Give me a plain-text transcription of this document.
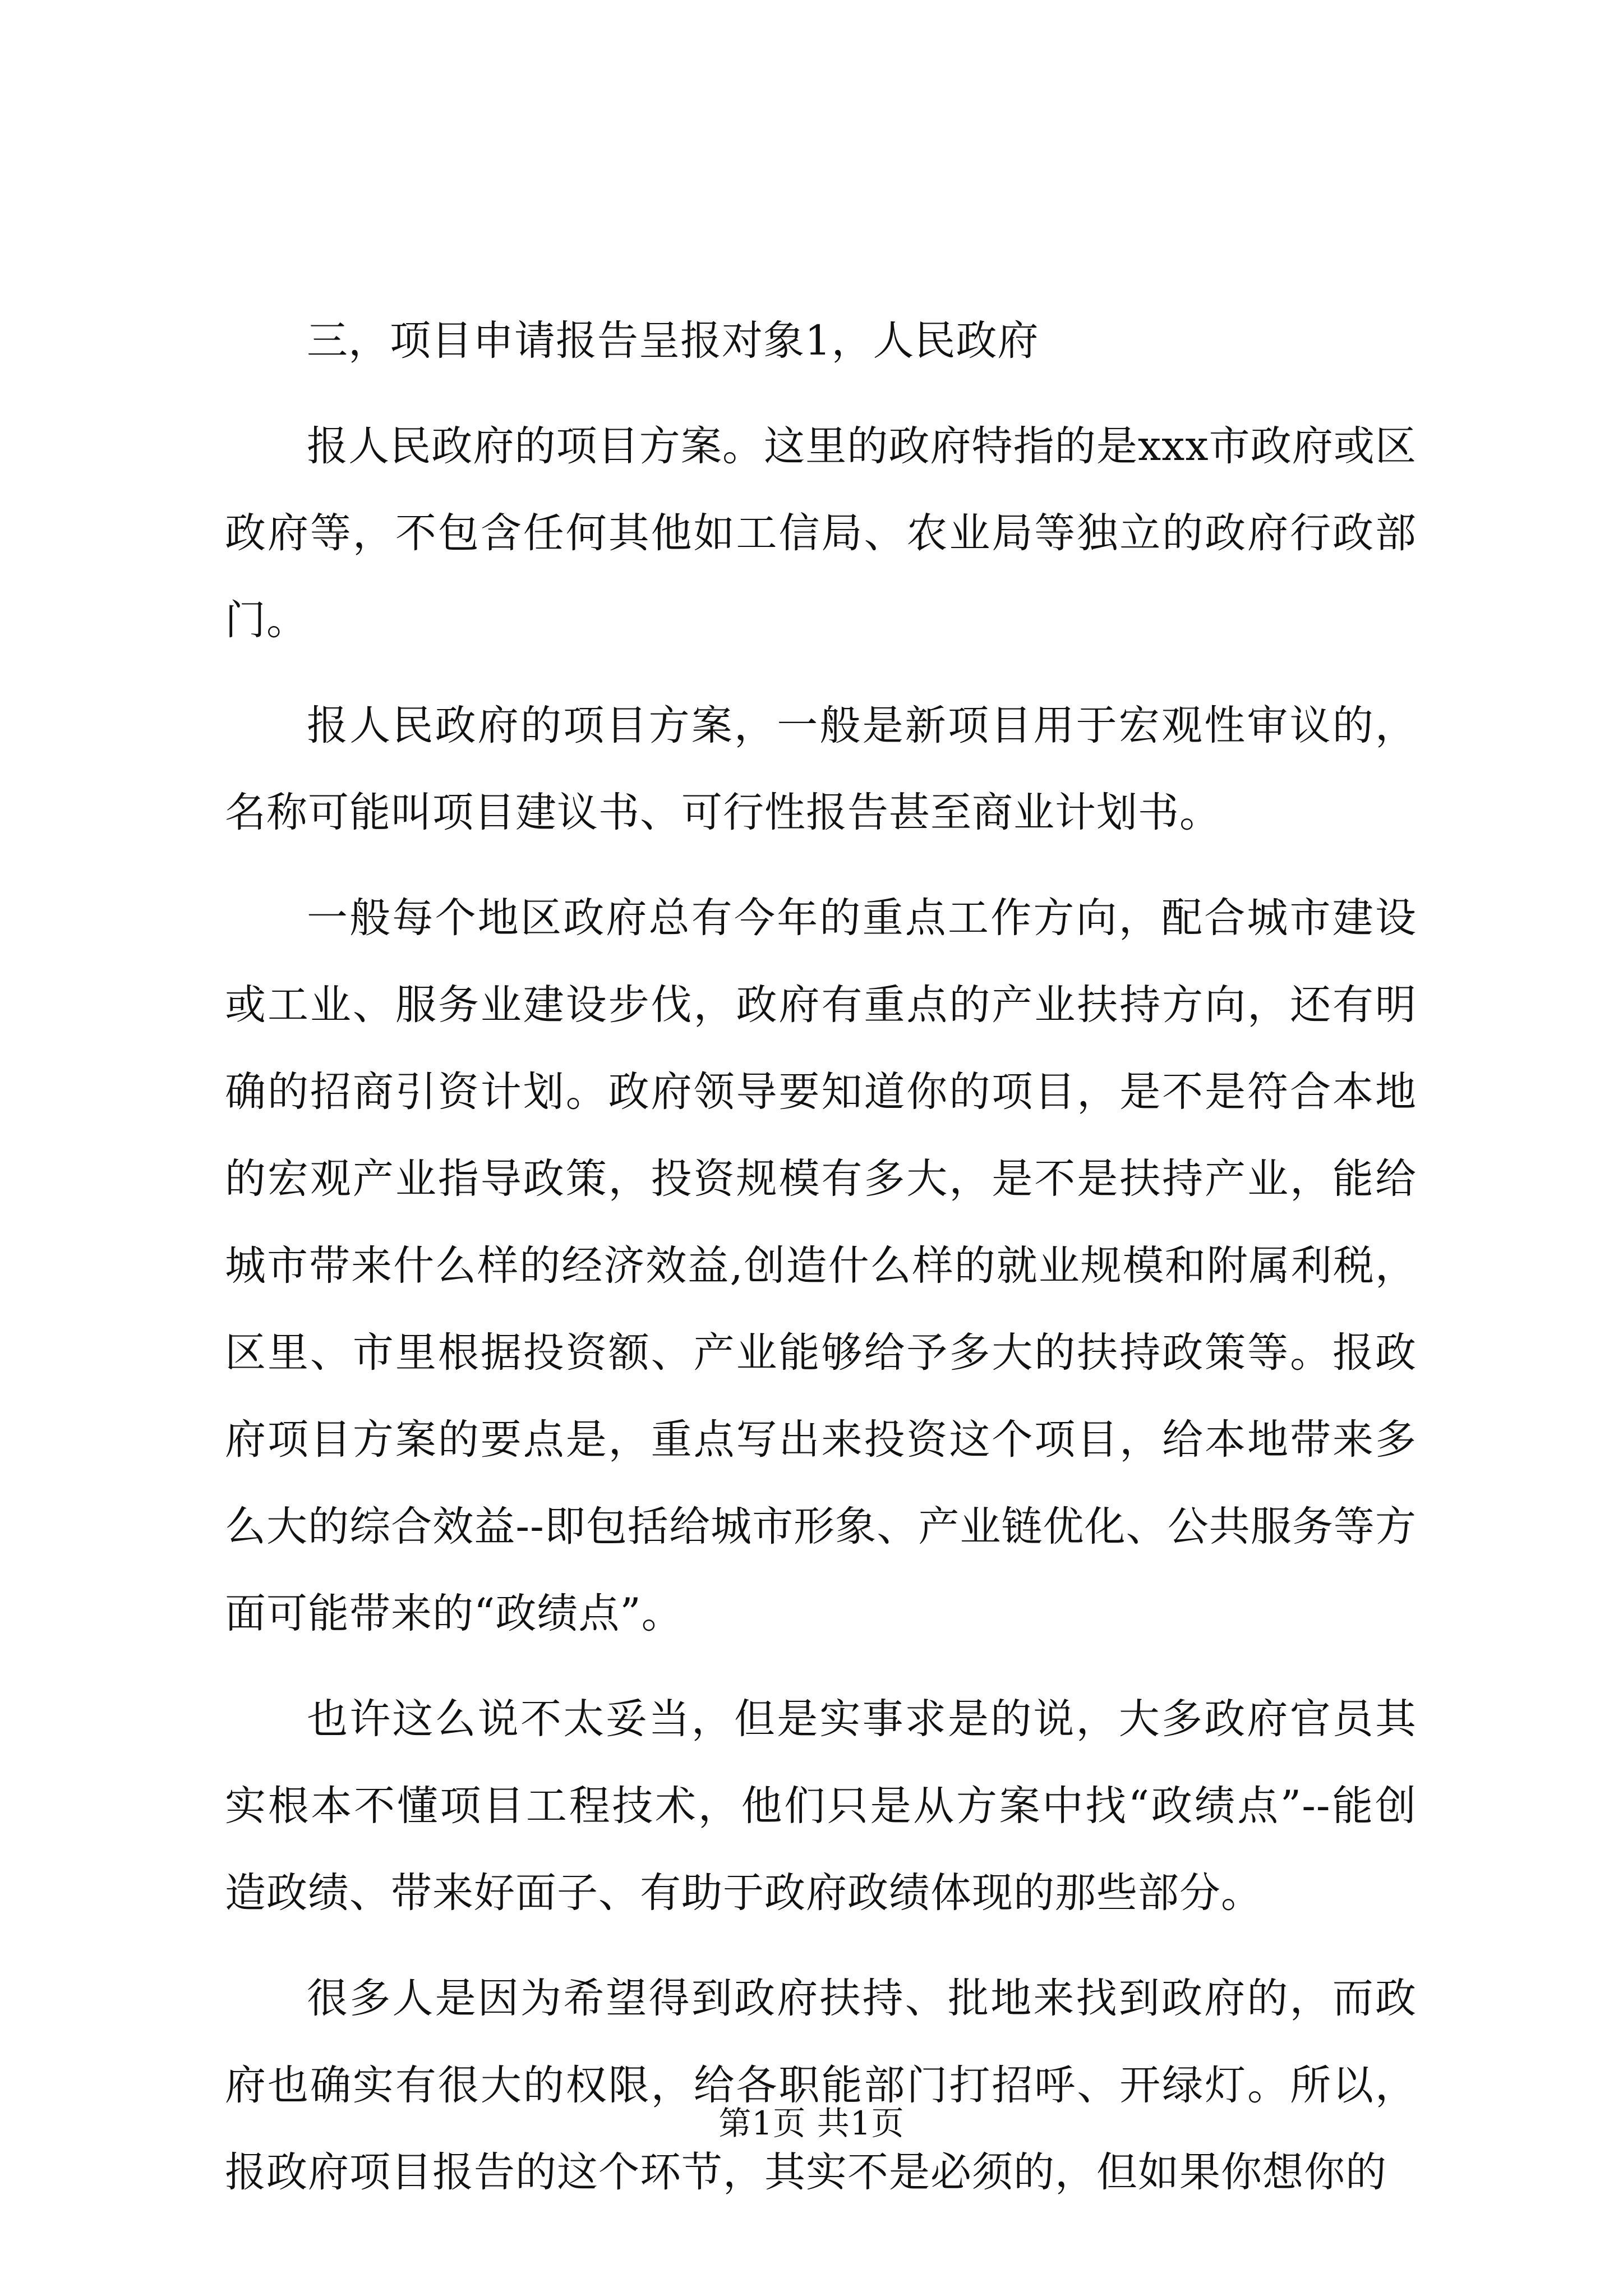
三，项目申请报告呈报对象1，人民政府

报人民政府的项目方案。这里的政府特指的是xxx市政府或区政府等，不包含任何其他如工信局、农业局等独立的政府行政部门。

报人民政府的项目方案，一般是新项目用于宏观性审议的，名称可能叫项目建议书、可行性报告甚至商业计划书。

一般每个地区政府总有今年的重点工作方向，配合城市建设或工业、服务业建设步伐，政府有重点的产业扶持方向，还有明确的招商引资计划。政府领导要知道你的项目，是不是符合本地的宏观产业指导政策，投资规模有多大，是不是扶持产业，能给城市带来什么样的经济效益,创造什么样的就业规模和附属利税，区里、市里根据投资额、产业能够给予多大的扶持政策等。报政府项目方案的要点是，重点写出来投资这个项目，给本地带来多么大的综合效益--即包括给城市形象、产业链优化、公共服务等方面可能带来的“政绩点”。

也许这么说不太妥当，但是实事求是的说，大多政府官员其实根本不懂项目工程技术，他们只是从方案中找“政绩点”--能创造政绩、带来好面子、有助于政府政绩体现的那些部分。

很多人是因为希望得到政府扶持、批地来找到政府的，而政府也确实有很大的权限，给各职能部门打招呼、开绿灯。所以，报政府项目报告的这个环节，其实不是必须的，但如果你想你的

第1页 共1页
